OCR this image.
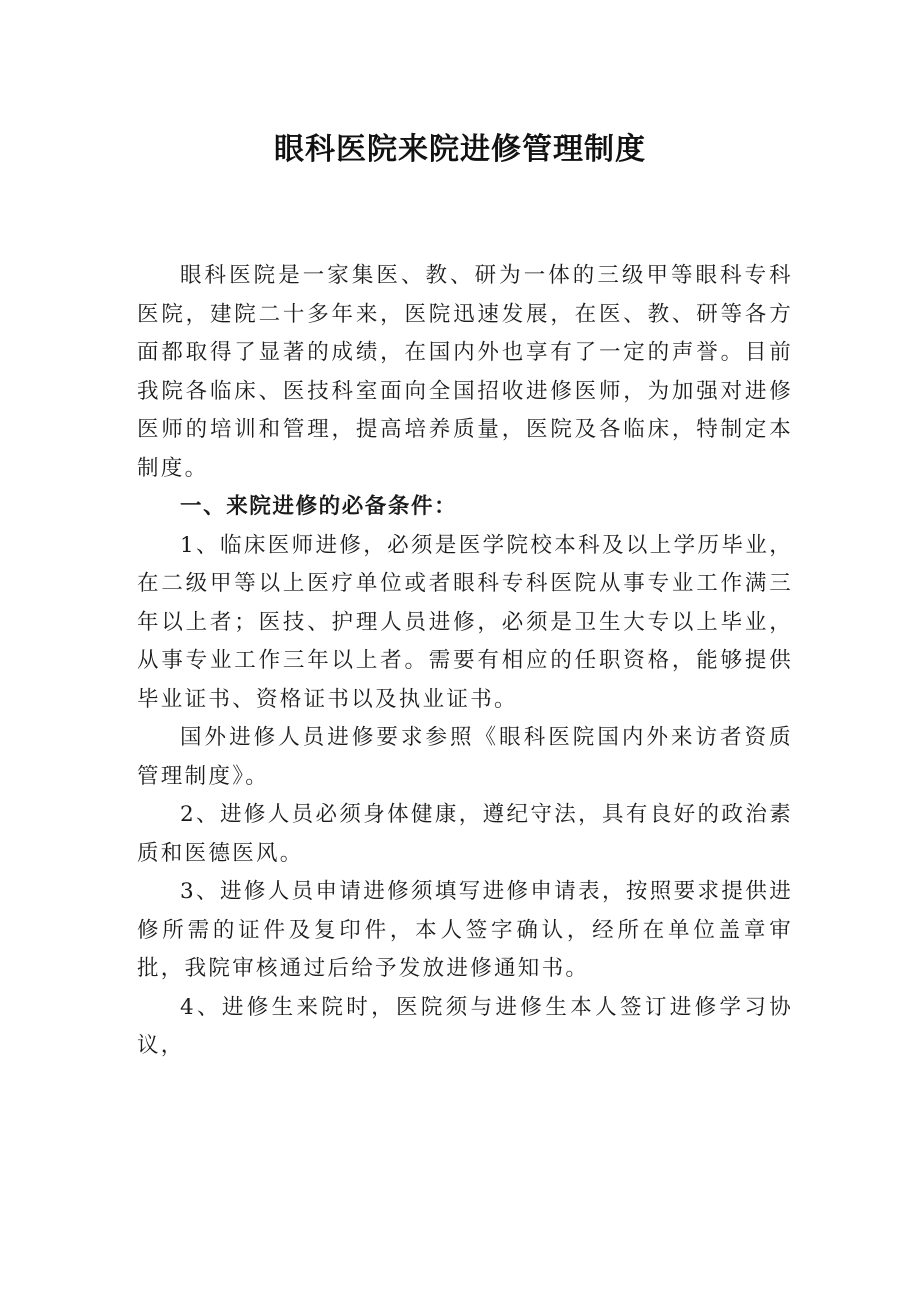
眼科医院来院进修管理制度

眼科医院是一家集医、教、研为一体的三级甲等眼科专科医院，建院二十多年来，医院迅速发展，在医、教、研等各方面都取得了显著的成绩，在国内外也享有了一定的声誉。目前我院各临床、医技科室面向全国招收进修医师，为加强对进修医师的培训和管理，提高培养质量，医院及各临床，特制定本制度。

一、来院进修的必备条件：

1、临床医师进修，必须是医学院校本科及以上学历毕业，在二级甲等以上医疗单位或者眼科专科医院从事专业工作满三年以上者；医技、护理人员进修，必须是卫生大专以上毕业，从事专业工作三年以上者。需要有相应的任职资格，能够提供毕业证书、资格证书以及执业证书。

国外进修人员进修要求参照《眼科医院国内外来访者资质管理制度》。

2、进修人员必须身体健康，遵纪守法，具有良好的政治素质和医德医风。

3、进修人员申请进修须填写进修申请表，按照要求提供进修所需的证件及复印件，本人签字确认，经所在单位盖章审批，我院审核通过后给予发放进修通知书。

4、进修生来院时，医院须与进修生本人签订进修学习协议，
